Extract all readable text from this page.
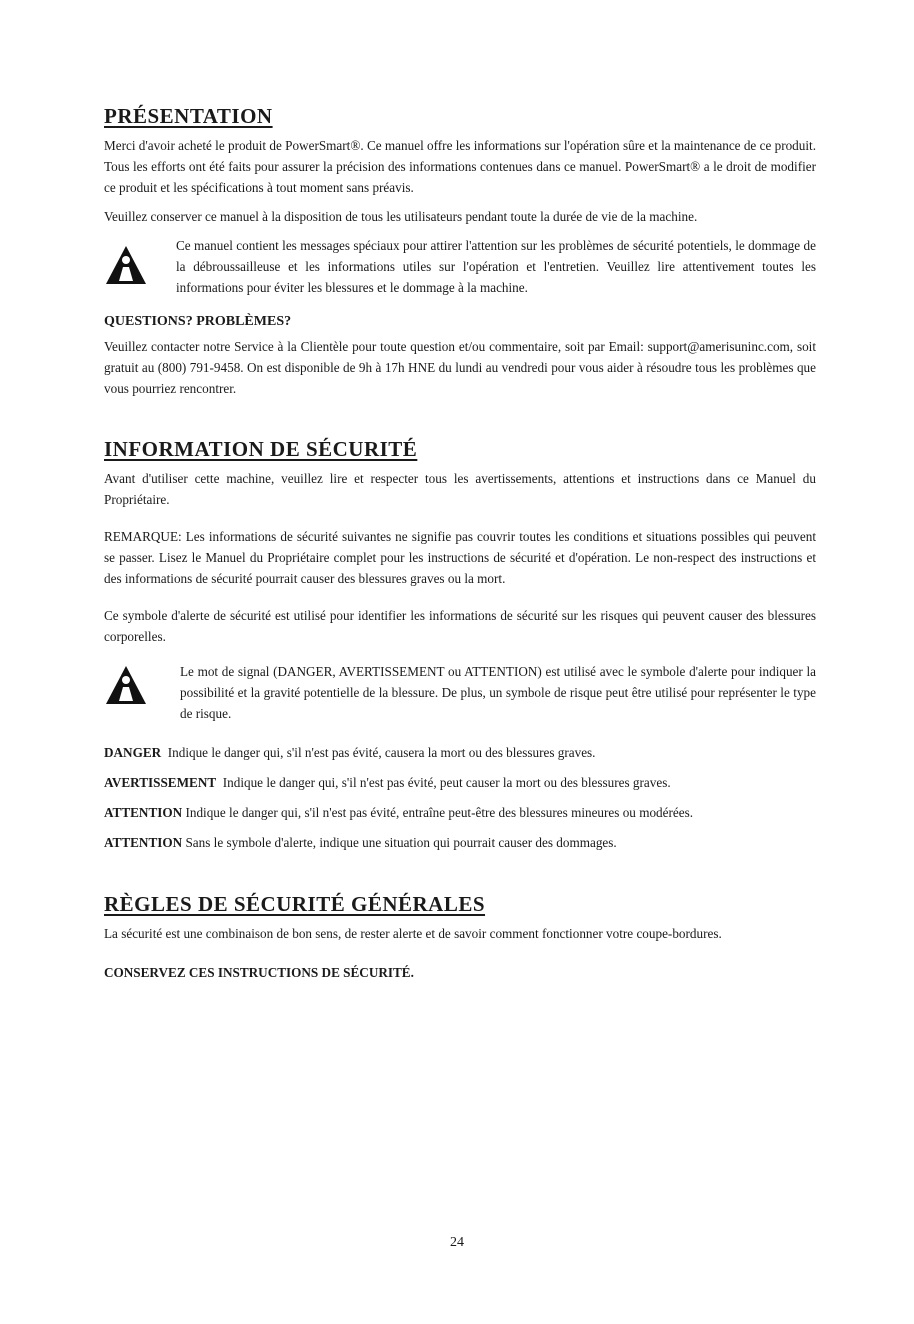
PRÉSENTATION

Merci d'avoir acheté le produit de PowerSmart®. Ce manuel offre les informations sur l'opération sûre et la maintenance de ce produit. Tous les efforts ont été faits pour assurer la précision des informations contenues dans ce manuel. PowerSmart® a le droit de modifier ce produit et les spécifications à tout moment sans préavis.

Veuillez conserver ce manuel à la disposition de tous les utilisateurs pendant toute la durée de vie de la machine.

Ce manuel contient les messages spéciaux pour attirer l'attention sur les problèmes de sécurité potentiels, le dommage de la débroussailleuse et les informations utiles sur l'opération et l'entretien. Veuillez lire attentivement toutes les informations pour éviter les blessures et le dommage à la machine.

QUESTIONS? PROBLÈMES?

Veuillez contacter notre Service à la Clientèle pour toute question et/ou commentaire, soit par Email: support@amerisuninc.com, soit gratuit au (800) 791-9458. On est disponible de 9h à 17h HNE du lundi au vendredi pour vous aider à résoudre tous les problèmes que vous pourriez rencontrer.

INFORMATION DE SÉCURITÉ

Avant d'utiliser cette machine, veuillez lire et respecter tous les avertissements, attentions et instructions dans ce Manuel du Propriétaire.

REMARQUE: Les informations de sécurité suivantes ne signifie pas couvrir toutes les conditions et situations possibles qui peuvent se passer. Lisez le Manuel du Propriétaire complet pour les instructions de sécurité et d'opération. Le non-respect des instructions et des informations de sécurité pourrait causer des blessures graves ou la mort.

Ce symbole d'alerte de sécurité est utilisé pour identifier les informations de sécurité sur les risques qui peuvent causer des blessures corporelles.

Le mot de signal (DANGER, AVERTISSEMENT ou ATTENTION) est utilisé avec le symbole d'alerte pour indiquer la possibilité et la gravité potentielle de la blessure. De plus, un symbole de risque peut être utilisé pour représenter le type de risque.

DANGER Indique le danger qui, s'il n'est pas évité, causera la mort ou des blessures graves.

AVERTISSEMENT Indique le danger qui, s'il n'est pas évité, peut causer la mort ou des blessures graves.

ATTENTION Indique le danger qui, s'il n'est pas évité, entraîne peut-être des blessures mineures ou modérées.

ATTENTION Sans le symbole d'alerte, indique une situation qui pourrait causer des dommages.

RÈGLES DE SÉCURITÉ GÉNÉRALES

La sécurité est une combinaison de bon sens, de rester alerte et de savoir comment fonctionner votre coupe-bordures.

CONSERVEZ CES INSTRUCTIONS DE SÉCURITÉ.

24
